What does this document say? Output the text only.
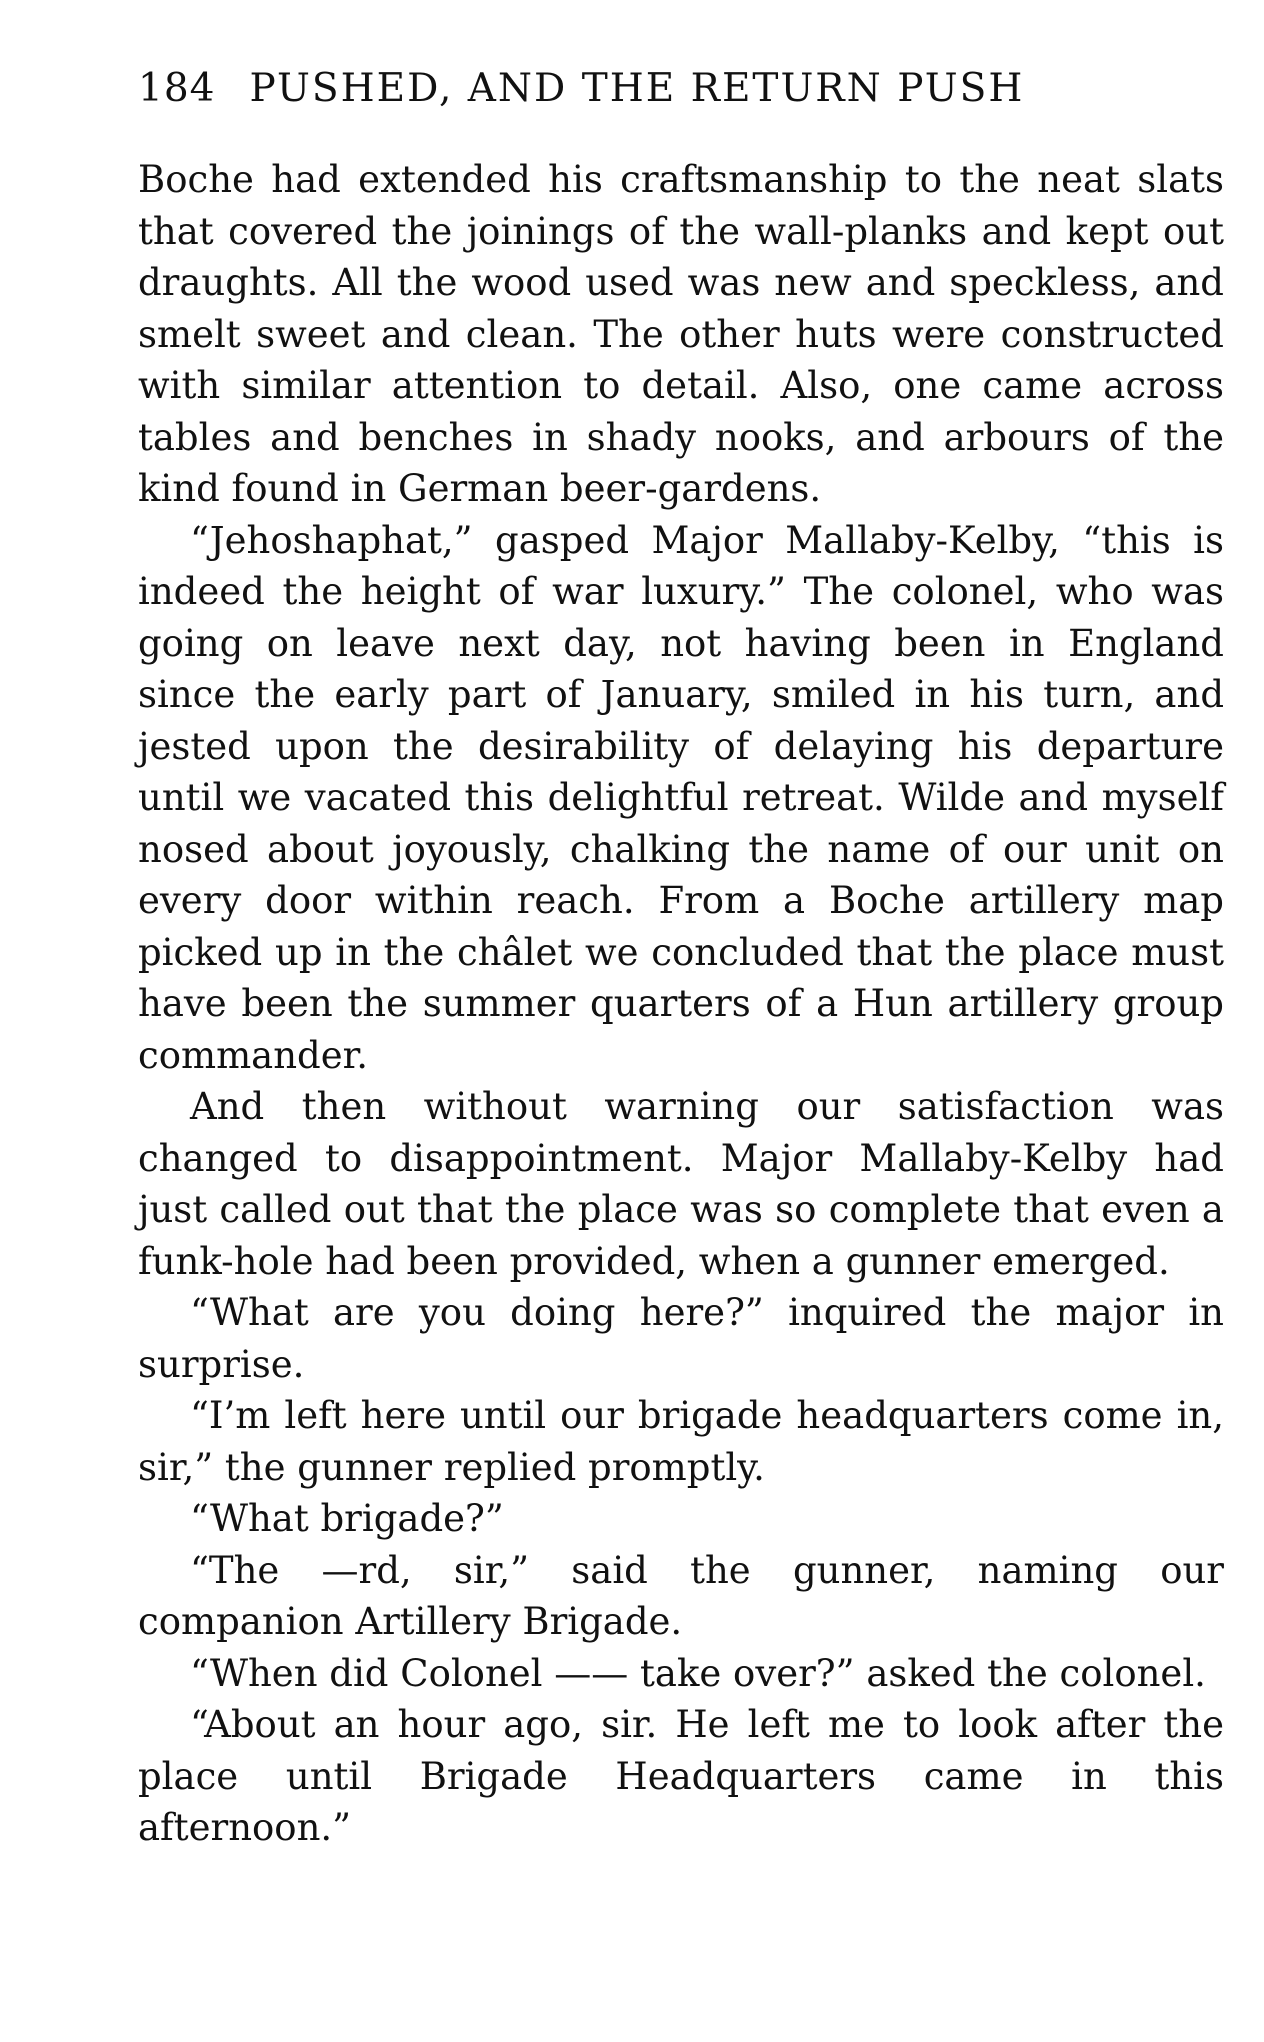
184 PUSHED, AND THE RETURN PUSH

Boche had extended his craftsmanship to the neat slats that covered the joinings of the wall-planks and kept out draughts. All the wood used was new and speckless, and smelt sweet and clean. The other huts were constructed with similar attention to detail. Also, one came across tables and benches in shady nooks, and arbours of the kind found in German beer-gardens.

“Jehoshaphat,” gasped Major Mallaby-Kelby, “this is indeed the height of war luxury.” The colonel, who was going on leave next day, not having been in England since the early part of January, smiled in his turn, and jested upon the desirability of delaying his departure until we vacated this delightful retreat. Wilde and myself nosed about joyously, chalking the name of our unit on every door within reach. From a Boche artillery map picked up in the châlet we concluded that the place must have been the summer quarters of a Hun artillery group commander.

And then without warning our satisfaction was changed to disappointment. Major Mallaby-Kelby had just called out that the place was so complete that even a funk-hole had been provided, when a gunner emerged.

“What are you doing here?” inquired the major in surprise.

“I’m left here until our brigade headquarters come in, sir,” the gunner replied promptly.

“What brigade?”

“The —rd, sir,” said the gunner, naming our companion Artillery Brigade.

“When did Colonel —— take over?” asked the colonel.

“About an hour ago, sir. He left me to look after the place until Brigade Headquarters came in this afternoon.”
